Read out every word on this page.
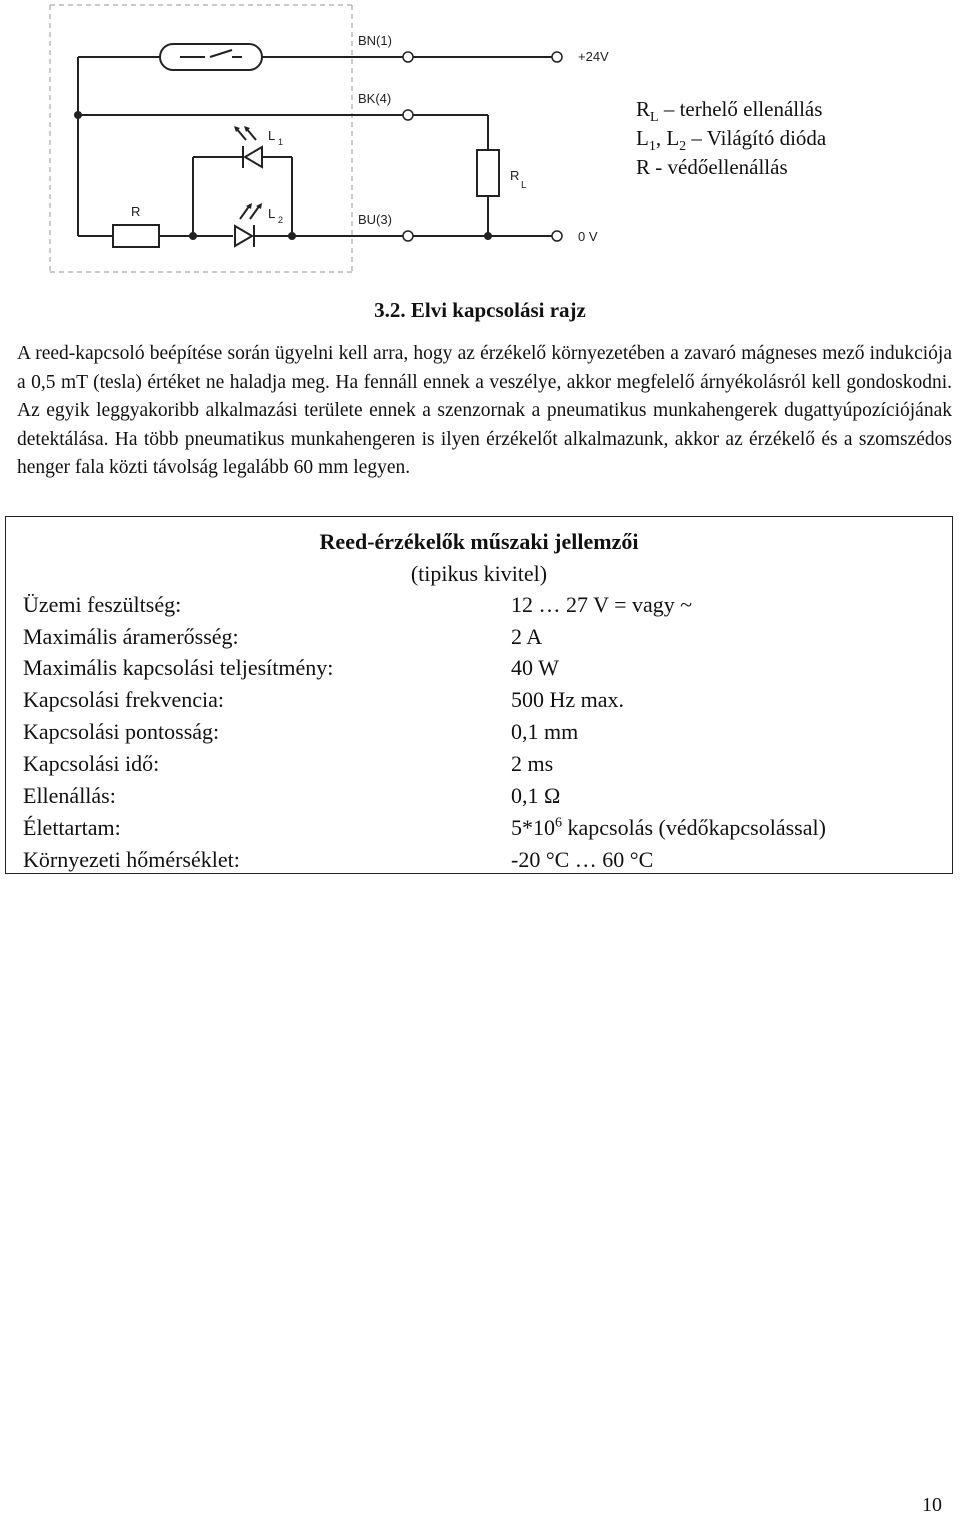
BN(1)
BK(4)
BU(3)
+24V
0 V
R
L 1
L 2
R
L
$R_L$ – terhelő ellenállás
$L_1$, $L_2$ – Világító dióda
R - védőellenállás
3.2. Elvi kapcsolási rajz
A reed-kapcsoló beépítése során ügyelni kell arra, hogy az érzékelő környezetében a zavaró mágneses mező indukciója a 0,5 mT (tesla) értéket ne haladja meg. Ha fennáll ennek a veszélye, akkor megfelelő árnyékolásról kell gondoskodni. Az egyik leggyakoribb alkalmazási területe ennek a szenzornak a pneumatikus munkahengerek dugattyúpozíciójának detektálása. Ha több pneumatikus munkahengeren is ilyen érzékelőt alkalmazunk, akkor az érzékelő és a szomszédos henger fala közti távolság legalább 60 mm legyen.
Reed-érzékelők műszaki jellemzői
(tipikus kivitel)
Üzemi feszültség:	12 … 27 V = vagy ~
Maximális áramerősség:	2 A
Maximális kapcsolási teljesítmény:	40 W
Kapcsolási frekvencia:	500 Hz max.
Kapcsolási pontosság:	0,1 mm
Kapcsolási idő:	2 ms
Ellenállás:	0,1 Ω
Élettartam:	$5*10^6$ kapcsolás (védőkapcsolással)
Környezeti hőmérséklet:	-20 °C … 60 °C
10
